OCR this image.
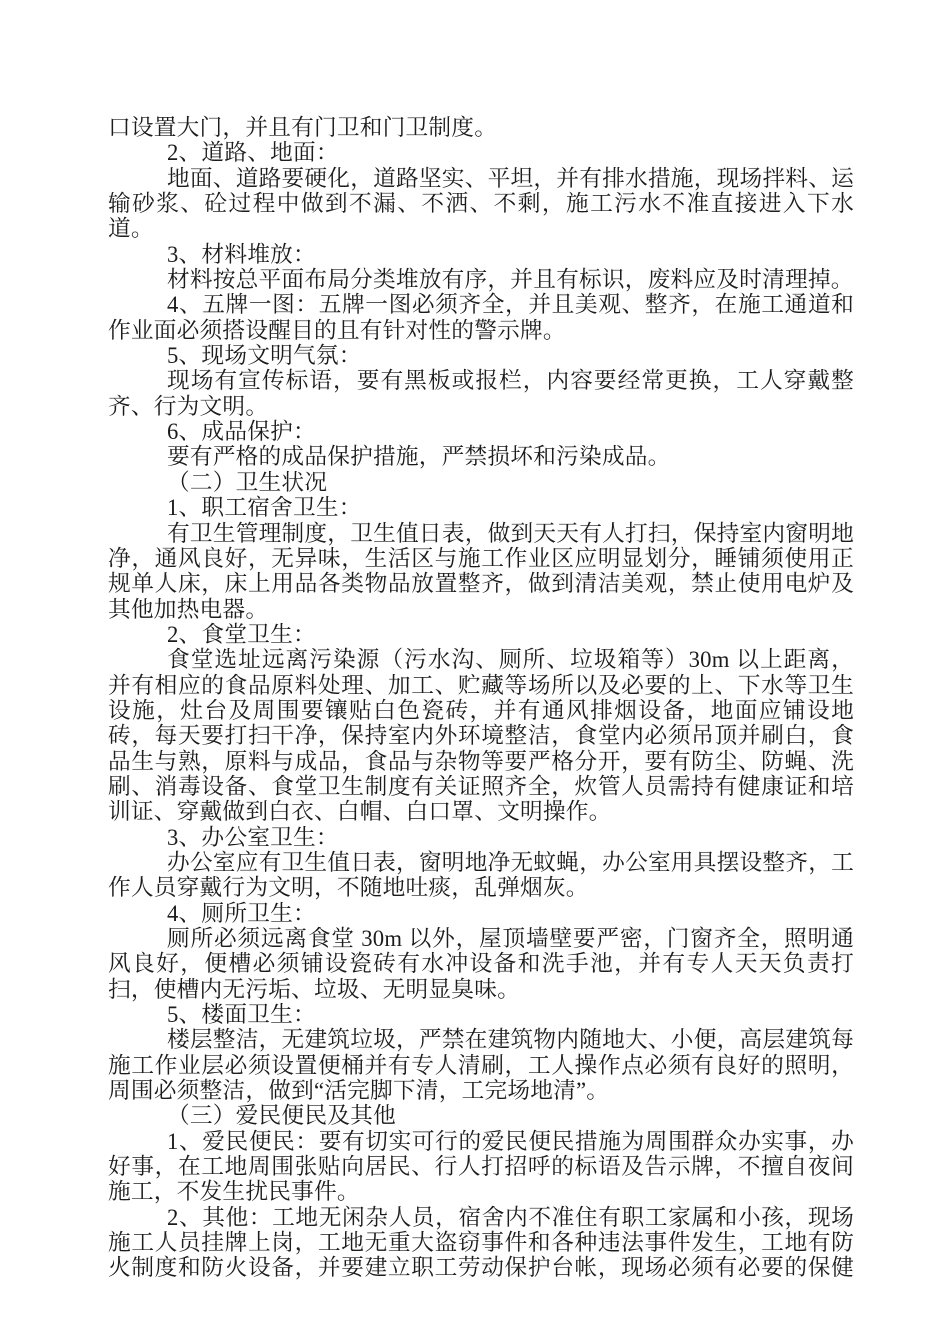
口设置大门，并且有门卫和门卫制度。

2、道路、地面：

地面、道路要硬化，道路坚实、平坦，并有排水措施，现场拌料、运输砂浆、砼过程中做到不漏、不洒、不剩，施工污水不准直接进入下水道。

3、材料堆放：

材料按总平面布局分类堆放有序，并且有标识，废料应及时清理掉。

4、五牌一图：五牌一图必须齐全，并且美观、整齐，在施工通道和作业面必须搭设醒目的且有针对性的警示牌。

5、现场文明气氛：

现场有宣传标语，要有黑板或报栏，内容要经常更换，工人穿戴整齐、行为文明。

6、成品保护：

要有严格的成品保护措施，严禁损坏和污染成品。

（二）卫生状况

1、职工宿舍卫生：

有卫生管理制度，卫生值日表，做到天天有人打扫，保持室内窗明地净，通风良好，无异味，生活区与施工作业区应明显划分，睡铺须使用正规单人床，床上用品各类物品放置整齐，做到清洁美观，禁止使用电炉及其他加热电器。

2、食堂卫生：

食堂选址远离污染源（污水沟、厕所、垃圾箱等）30m 以上距离，并有相应的食品原料处理、加工、贮藏等场所以及必要的上、下水等卫生设施，灶台及周围要镶贴白色瓷砖，并有通风排烟设备，地面应铺设地砖，每天要打扫干净，保持室内外环境整洁，食堂内必须吊顶并刷白，食品生与熟，原料与成品，食品与杂物等要严格分开，要有防尘、防蝇、洗刷、消毒设备、食堂卫生制度有关证照齐全，炊管人员需持有健康证和培训证、穿戴做到白衣、白帽、白口罩、文明操作。

3、办公室卫生：

办公室应有卫生值日表，窗明地净无蚊蝇，办公室用具摆设整齐，工作人员穿戴行为文明，不随地吐痰，乱弹烟灰。

4、厕所卫生：

厕所必须远离食堂 30m 以外，屋顶墙壁要严密，门窗齐全，照明通风良好，便槽必须铺设瓷砖有水冲设备和洗手池，并有专人天天负责打扫，使槽内无污垢、垃圾、无明显臭味。

5、楼面卫生：

楼层整洁，无建筑垃圾，严禁在建筑物内随地大、小便，高层建筑每施工作业层必须设置便桶并有专人清刷，工人操作点必须有良好的照明，周围必须整洁，做到“活完脚下清，工完场地清”。

（三）爱民便民及其他

1、爱民便民：要有切实可行的爱民便民措施为周围群众办实事，办好事，在工地周围张贴向居民、行人打招呼的标语及告示牌，不擅自夜间施工，不发生扰民事件。

2、其他：工地无闲杂人员，宿舍内不准住有职工家属和小孩，现场施工人员挂牌上岗，工地无重大盗窃事件和各种违法事件发生，工地有防火制度和防火设备，并要建立职工劳动保护台帐，现场必须有必要的保健
